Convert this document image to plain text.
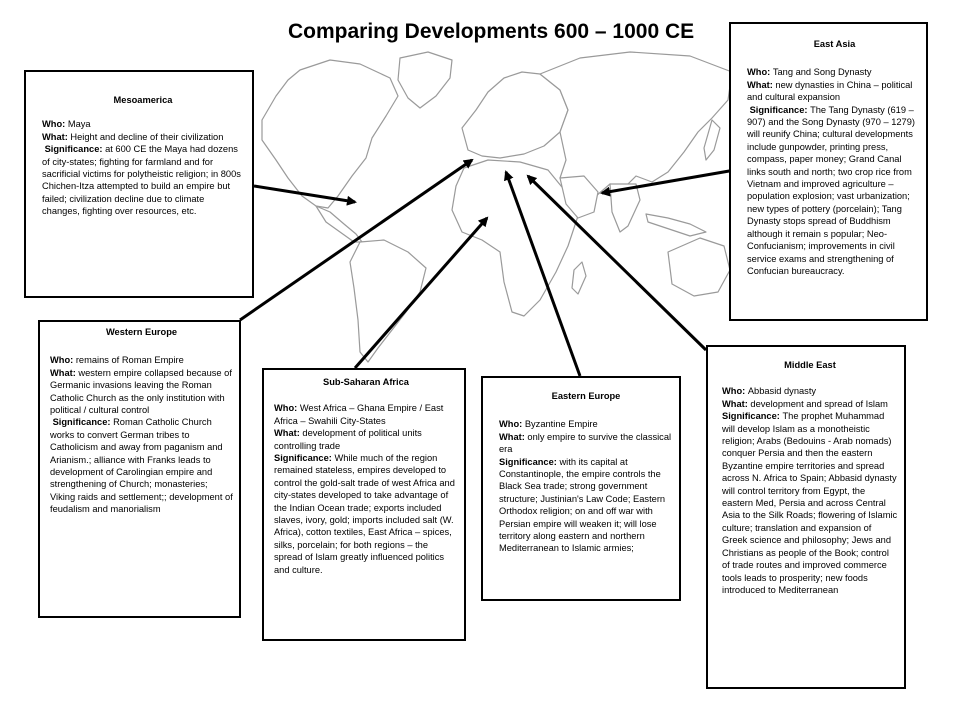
Comparing Developments 600 – 1000 CE
Mesoamerica

Who: Maya

What: Height and decline of their civilization

Significance: at 600 CE the Maya had dozens of city-states; fighting for farmland and for sacrificial victims for polytheistic religion; in 800s Chichen-Itza attempted to build an empire but failed; civilization decline due to climate changes, fighting over resources, etc.

Western Europe

Who: remains of Roman Empire

What: western empire collapsed because of Germanic invasions leaving the Roman Catholic Church as the only institution with political / cultural control

Significance: Roman Catholic Church works to convert German tribes to Catholicism and away from paganism and Arianism.; alliance with Franks leads to development of Carolingian empire and strengthening of Church; monasteries; Viking raids and settlement;; development of feudalism and manorialism

Sub-Saharan Africa

Who: West Africa – Ghana Empire / East Africa – Swahili City-States

What: development of political units controlling trade

Significance: While much of the region remained stateless, empires developed to control the gold-salt trade of west Africa and city-states developed to take advantage of the Indian Ocean trade; exports included slaves, ivory, gold; imports included salt (W. Africa), cotton textiles, East Africa – spices, silks, porcelain; for both regions – the spread of Islam greatly influenced politics and culture.

Eastern Europe

Who: Byzantine Empire

What: only empire to survive the classical era

Significance: with its capital at Constantinople, the empire controls the Black Sea trade; strong government structure; Justinian's Law Code; Eastern Orthodox religion; on and off war with Persian empire will weaken it; will lose territory along eastern and northern Mediterranean to Islamic armies;

Middle East

Who: Abbasid dynasty

What: development and spread of Islam

Significance: The prophet Muhammad will develop Islam as a monotheistic religion; Arabs (Bedouins - Arab nomads) conquer Persia and then the eastern Byzantine empire territories and spread across N. Africa to Spain; Abbasid dynasty will control territory from Egypt, the eastern Med, Persia and across Central Asia to the Silk Roads; flowering of Islamic culture; translation and expansion of Greek science and philosophy; Jews and Christians as people of the Book; control of trade routes and improved commerce tools leads to prosperity; new foods introduced to Mediterranean

East Asia

Who: Tang and Song Dynasty

What: new dynasties in China – political and cultural expansion

Significance: The Tang Dynasty (619 – 907) and the Song Dynasty (970 – 1279) will reunify China; cultural developments include gunpowder, printing press, compass, paper money; Grand Canal links south and north; two crop rice from Vietnam and improved agriculture – population explosion; vast urbanization; new types of pottery (porcelain); Tang Dynasty stops spread of Buddhism although it remain s popular; Neo-Confucianism; improvements in civil service exams and strengthening of Confucian bureaucracy.
